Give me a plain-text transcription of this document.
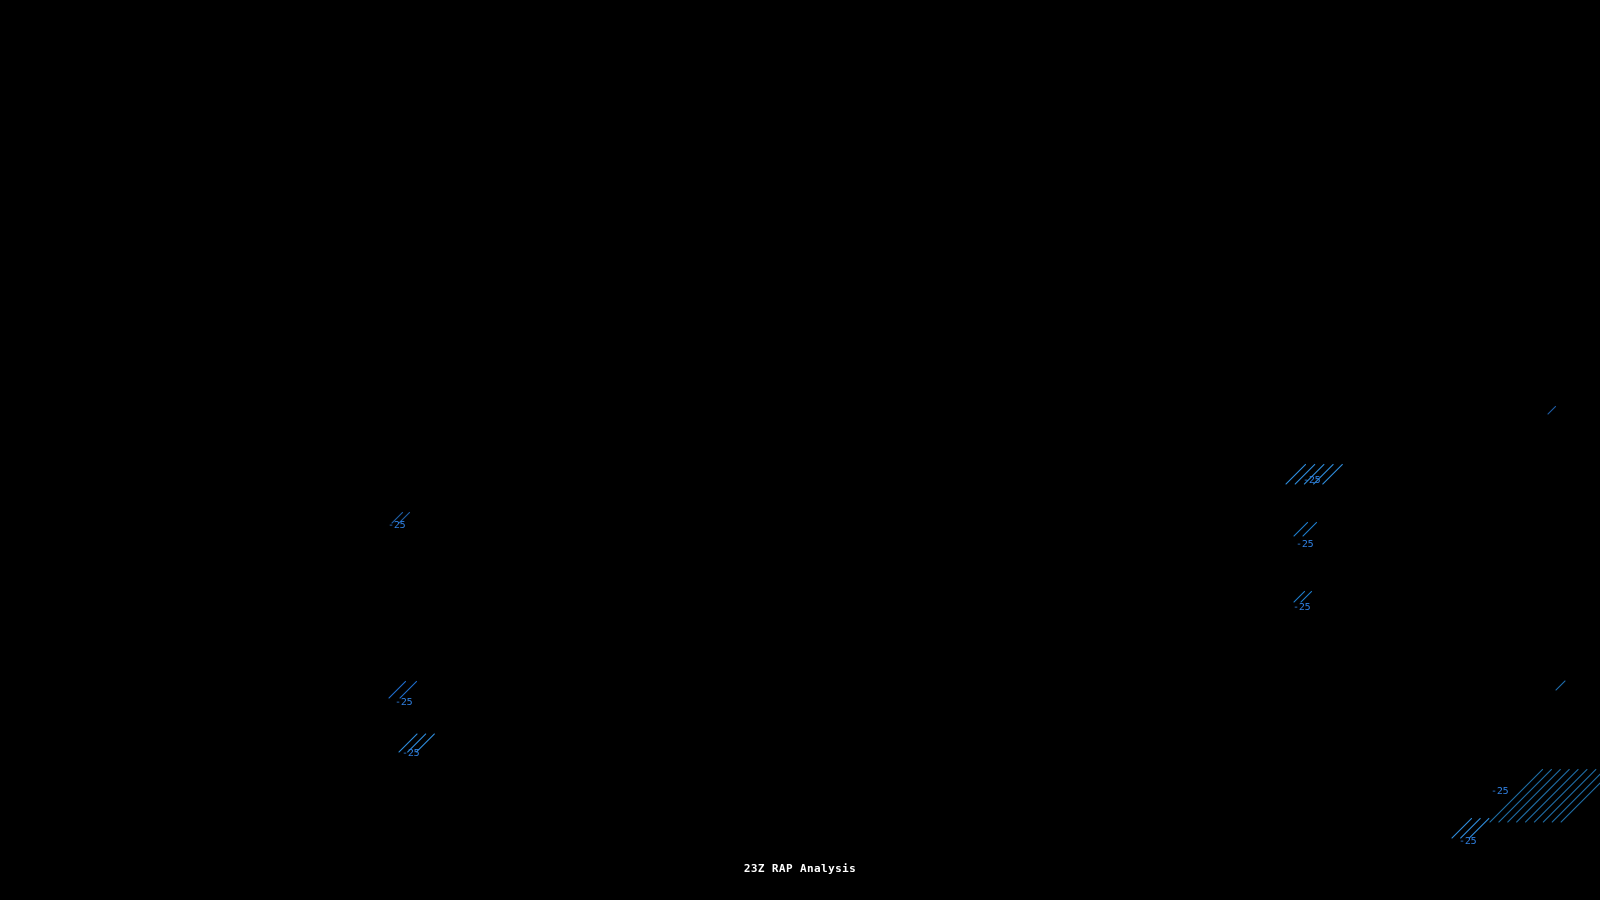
-25
-25
-25
-25
-25
-25
-25
-25
23Z RAP Analysis
